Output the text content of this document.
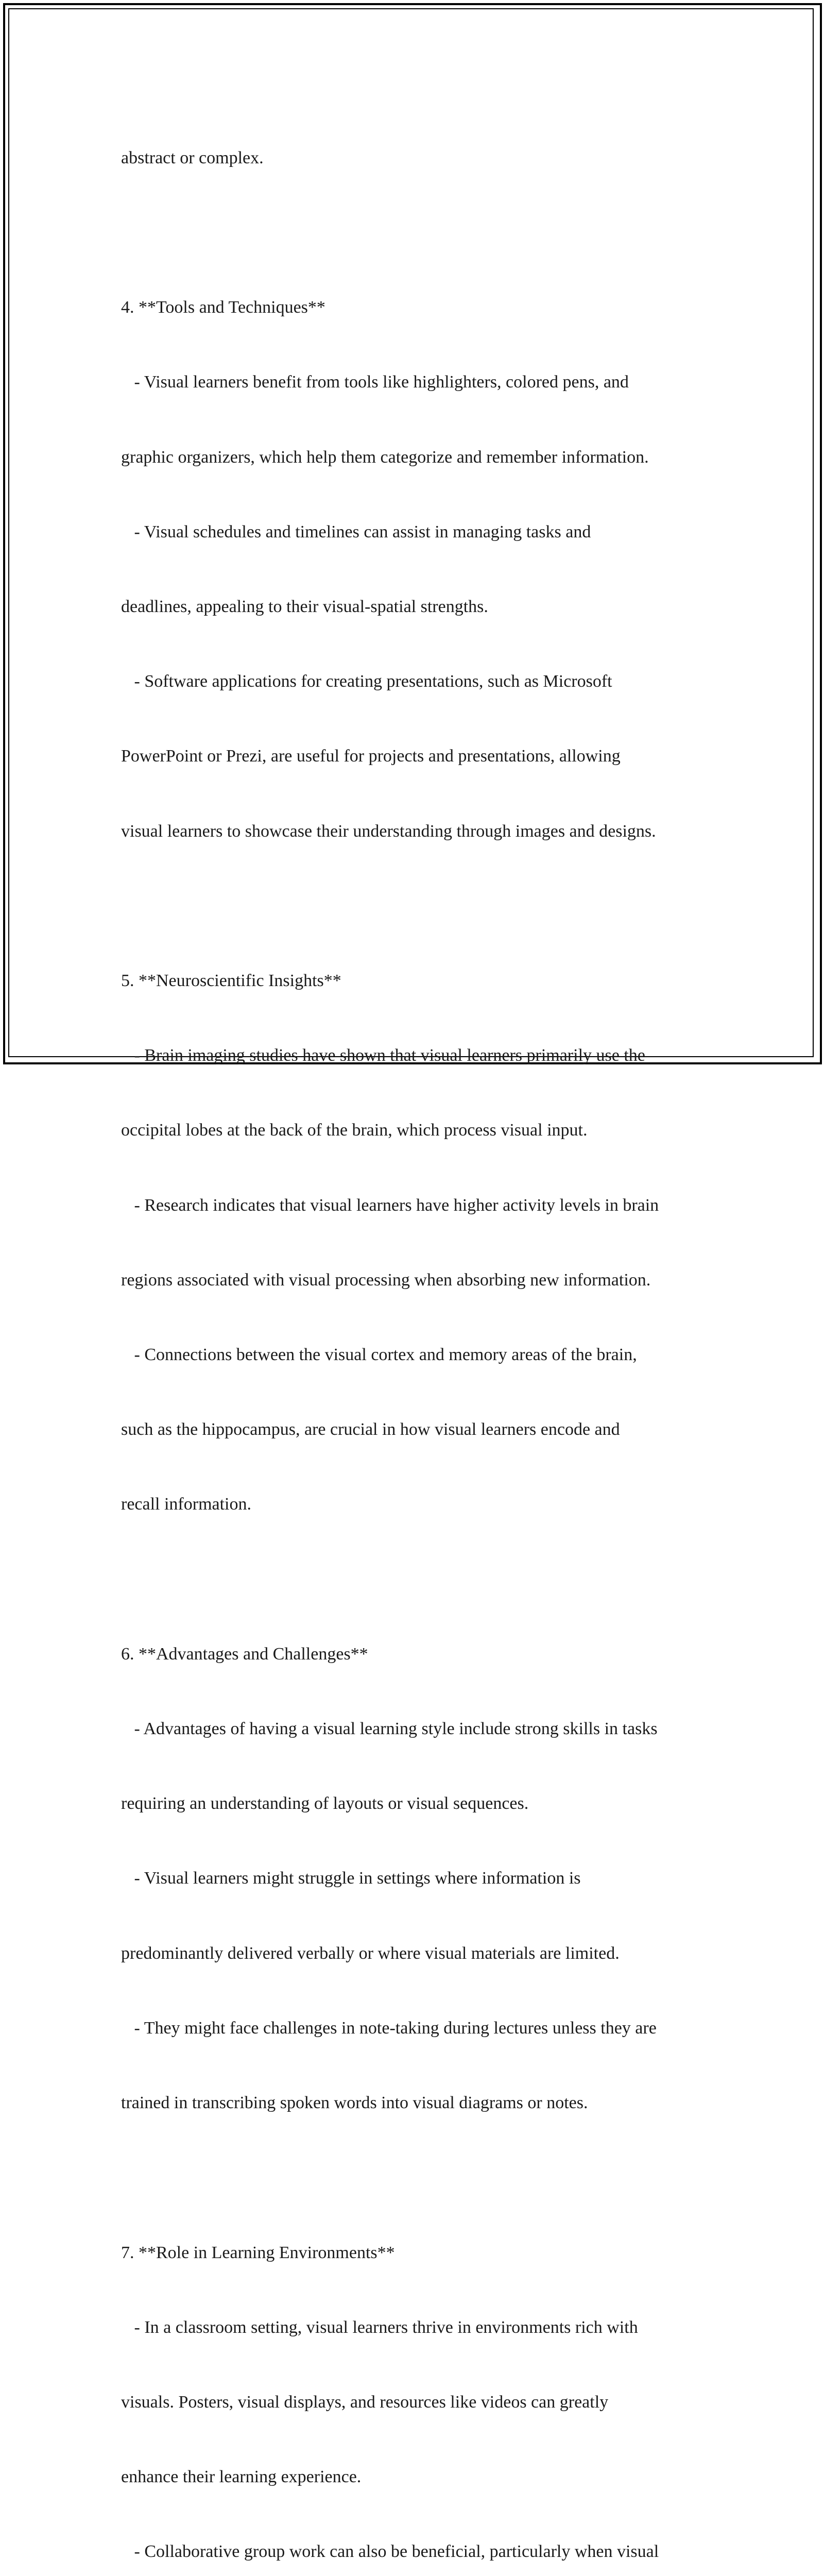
abstract or complex.

4. **Tools and Techniques**

- Visual learners benefit from tools like highlighters, colored pens, and

graphic organizers, which help them categorize and remember information.

- Visual schedules and timelines can assist in managing tasks and

deadlines, appealing to their visual-spatial strengths.

- Software applications for creating presentations, such as Microsoft

PowerPoint or Prezi, are useful for projects and presentations, allowing

visual learners to showcase their understanding through images and designs.

5. **Neuroscientific Insights**

- Brain imaging studies have shown that visual learners primarily use the

occipital lobes at the back of the brain, which process visual input.

- Research indicates that visual learners have higher activity levels in brain

regions associated with visual processing when absorbing new information.

- Connections between the visual cortex and memory areas of the brain,

such as the hippocampus, are crucial in how visual learners encode and

recall information.

6. **Advantages and Challenges**

- Advantages of having a visual learning style include strong skills in tasks

requiring an understanding of layouts or visual sequences.

- Visual learners might struggle in settings where information is

predominantly delivered verbally or where visual materials are limited.

- They might face challenges in note-taking during lectures unless they are

trained in transcribing spoken words into visual diagrams or notes.

7. **Role in Learning Environments**

- In a classroom setting, visual learners thrive in environments rich with

visuals. Posters, visual displays, and resources like videos can greatly

enhance their learning experience.

- Collaborative group work can also be beneficial, particularly when visual
